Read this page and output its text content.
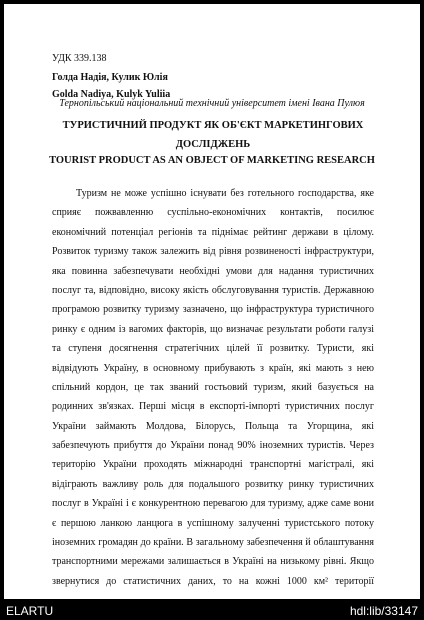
УДК 339.138
Голда Надія, Кулик Юлія
Golda Nadiya, Kulyk Yuliia
Тернопільський національний технічний університет імені Івана Пулюя
ТУРИСТИЧНИЙ ПРОДУКТ ЯК ОБ'ЄКТ МАРКЕТИНГОВИХ
ДОСЛІДЖЕНЬ
TOURIST PRODUCT AS AN OBJECT OF MARKETING RESEARCH
Туризм не може успішно існувати без готельного господарства, яке
сприяє пожвавленню суспільно-економічних контактів, посилює
економічний потенціал регіонів та піднімає рейтинг держави в цілому.
Розвиток туризму також залежить від рівня розвиненості інфраструктури,
яка повинна забезпечувати необхідні умови для надання туристичних
послуг та, відповідно, високу якість обслуговування туристів. Державною
програмою розвитку туризму зазначено, що інфраструктура туристичного
ринку є одним із вагомих факторів, що визначає результати роботи галузі
та ступеня досягнення стратегічних цілей її розвитку. Туристи, які
відвідують Україну, в основному прибувають з країн, які мають з нею
спільний кордон, це так званий гостьовий туризм, який базується на
родинних зв'язках. Перші місця в експорті-імпорті туристичних послуг
України займають Молдова, Білорусь, Польща та Угорщина, які
забезпечують прибуття до України понад 90% іноземних туристів. Через
територію України проходять міжнародні транспортні магістралі, які
відіграють важливу роль для подальшого розвитку ринку туристичних
послуг в Україні і є конкурентною перевагою для туризму, адже саме вони
є першою ланкою ланцюга в успішному залученні туристського потоку
іноземних громадян до країни. В загальному забезпечення й облаштування
транспортними мережами залишається в Україні на низькому рівні. Якщо
звернутися до статистичних даних, то на кожні 1000 км² території
ELARTU	hdl:lib/33147
